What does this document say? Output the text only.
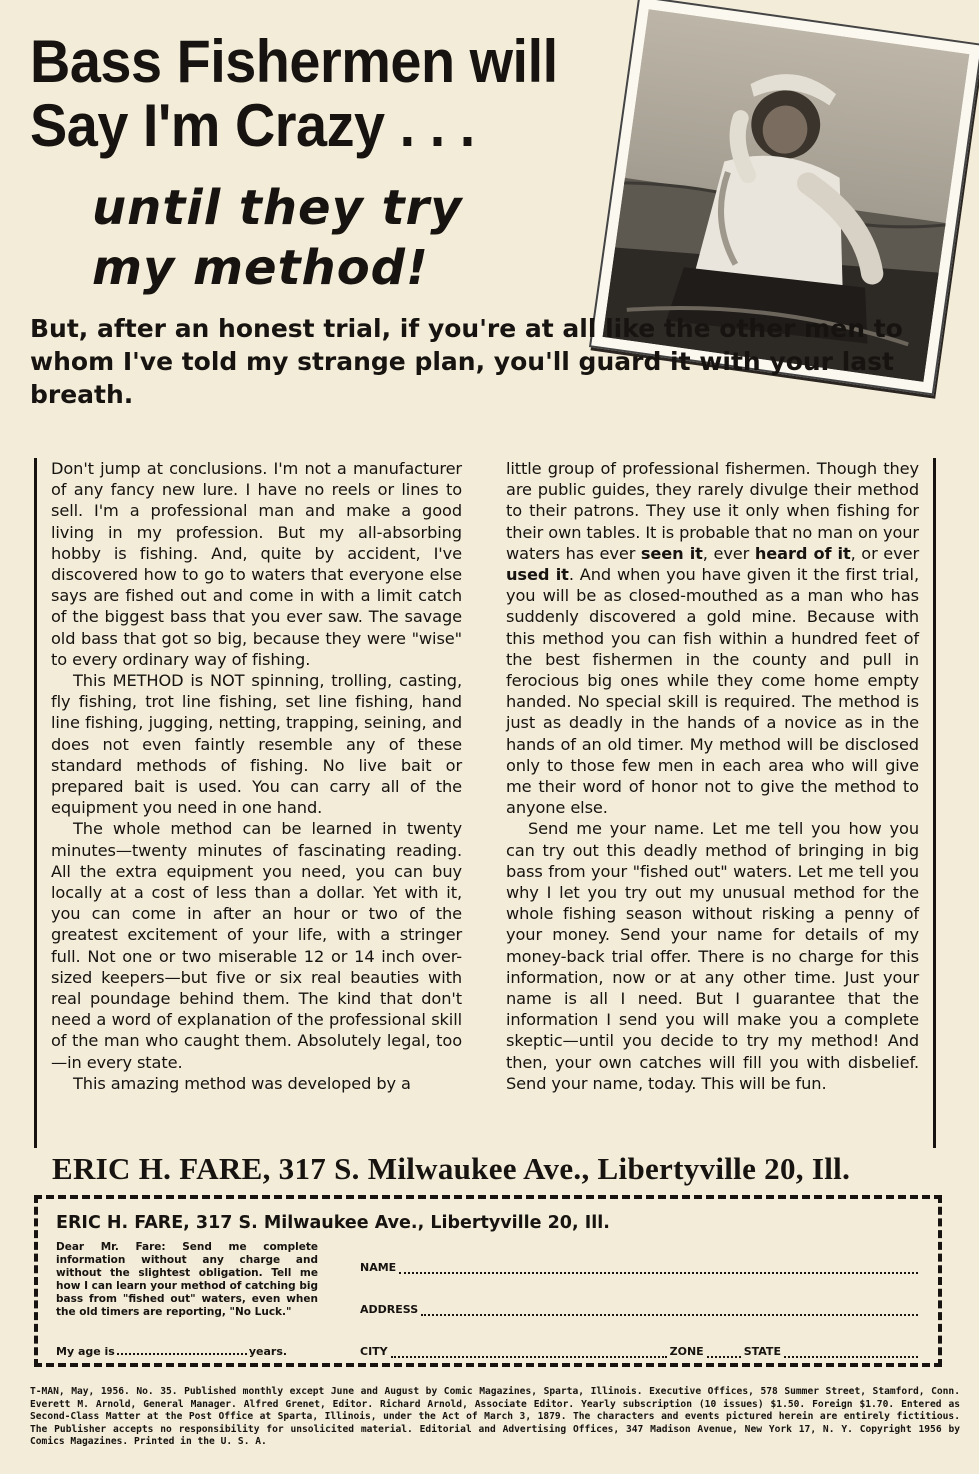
Bass Fishermen will
Say I'm Crazy . . .
until they try
my method!

But, after an honest trial, if you're at all like the other men to whom I've told my strange plan, you'll guard it with your last breath.

Don't jump at conclusions. I'm not a manufacturer of any fancy new lure. I have no reels or lines to sell. I'm a professional man and make a good living in my profession. But my all-absorbing hobby is fishing. And, quite by accident, I've discovered how to go to waters that everyone else says are fished out and come in with a limit catch of the biggest bass that you ever saw. The savage old bass that got so big, because they were "wise" to every ordinary way of fishing.

This METHOD is NOT spinning, trolling, casting, fly fishing, trot line fishing, set line fishing, hand line fishing, jugging, netting, trapping, seining, and does not even faintly resemble any of these standard methods of fishing. No live bait or prepared bait is used. You can carry all of the equipment you need in one hand.

The whole method can be learned in twenty minutes—twenty minutes of fascinating reading. All the extra equipment you need, you can buy locally at a cost of less than a dollar. Yet with it, you can come in after an hour or two of the greatest excitement of your life, with a stringer full. Not one or two miserable 12 or 14 inch over-sized keepers—but five or six real beauties with real poundage behind them. The kind that don't need a word of explanation of the professional skill of the man who caught them. Absolutely legal, too—in every state.

This amazing method was developed by a

little group of professional fishermen. Though they are public guides, they rarely divulge their method to their patrons. They use it only when fishing for their own tables. It is probable that no man on your waters has ever seen it, ever heard of it, or ever used it. And when you have given it the first trial, you will be as closed-mouthed as a man who has suddenly discovered a gold mine. Because with this method you can fish within a hundred feet of the best fishermen in the county and pull in ferocious big ones while they come home empty handed. No special skill is required. The method is just as deadly in the hands of a novice as in the hands of an old timer. My method will be disclosed only to those few men in each area who will give me their word of honor not to give the method to anyone else.

Send me your name. Let me tell you how you can try out this deadly method of bringing in big bass from your "fished out" waters. Let me tell you why I let you try out my unusual method for the whole fishing season without risking a penny of your money. Send your name for details of my money-back trial offer. There is no charge for this information, now or at any other time. Just your name is all I need. But I guarantee that the information I send you will make you a complete skeptic—until you decide to try my method! And then, your own catches will fill you with disbelief. Send your name, today. This will be fun.

ERIC H. FARE, 317 S. Milwaukee Ave., Libertyville 20, Ill.
ERIC H. FARE, 317 S. Milwaukee Ave., Libertyville 20, Ill.
Dear Mr. Fare: Send me complete information without any charge and without the slightest obligation. Tell me how I can learn your method of catching big bass from "fished out" waters, even when the old timers are reporting, "No Luck."
My age is	years.
NAME
ADDRESS
CITY	ZONE	STATE
T-MAN, May, 1956. No. 35. Published monthly except June and August by Comic Magazines, Sparta, Illinois. Executive Offices, 578 Summer Street, Stamford, Conn. Everett M. Arnold, General Manager. Alfred Grenet, Editor. Richard Arnold, Associate Editor. Yearly subscription (10 issues) $1.50. Foreign $1.70. Entered as Second-Class Matter at the Post Office at Sparta, Illinois, under the Act of March 3, 1879. The characters and events pictured herein are entirely fictitious. The Publisher accepts no responsibility for unsolicited material. Editorial and Advertising Offices, 347 Madison Avenue, New York 17, N. Y. Copyright 1956 by Comics Magazines. Printed in the U. S. A.
